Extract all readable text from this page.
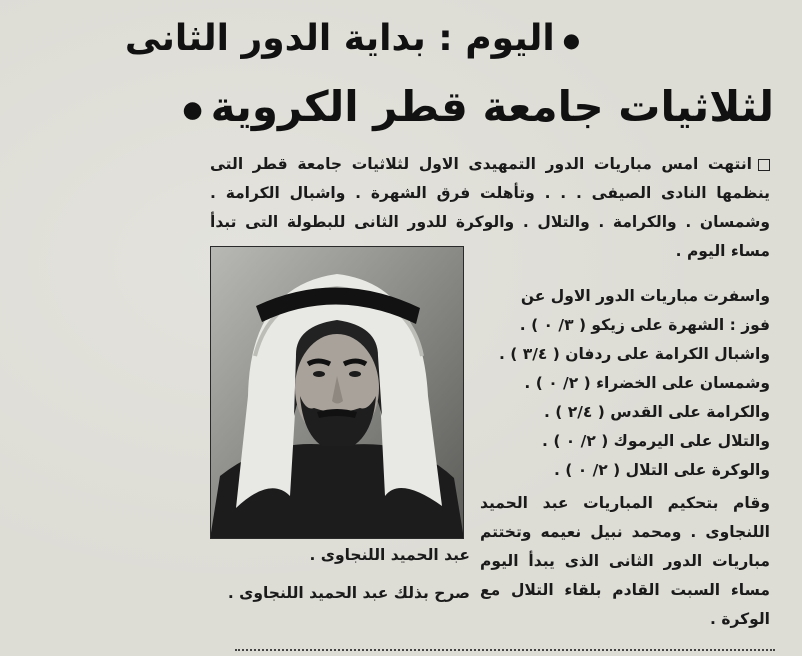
●اليوم : بداية الدور الثانى
لثلاثيات جامعة قطر الكروية●
انتهت امس مباريات الدور التمهيدى الاول لثلاثيات جامعة قطر التى ينظمها النادى الصيفى . . . وتأهلت فرق الشهرة . واشبال الكرامة . وشمسان . والكرامة . والتلال . والوكرة للدور الثانى للبطولة التى تبدأ مساء اليوم .
واسفرت مباريات الدور الاول عن
فوز : الشهرة على زيكو ( ٣/ ٠ ) .
واشبال الكرامة على ردفان ( ٣/٤ ) .
وشمسان على الخضراء ( ٢/ ٠ ) .
والكرامة على القدس ( ٢/٤ ) .
والتلال على اليرموك ( ٢/ ٠ ) .
والوكرة على التلال ( ٢/ ٠ ) .
وقام بتحكيم المباريات عبد الحميد اللنجاوى . ومحمد نبيل نعيمه وتختتم مباريات الدور الثانى الذى يبدأ اليوم مساء السبت القادم بلقاء التلال مع الوكرة .
عبد الحميد اللنجاوى .
صرح بذلك عبد الحميد اللنجاوى .
